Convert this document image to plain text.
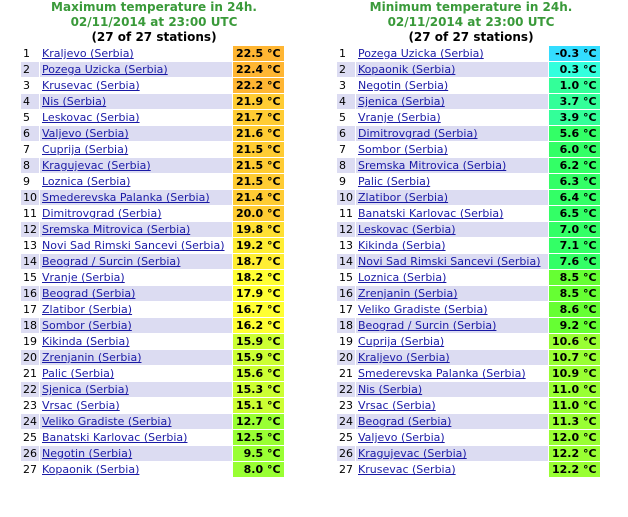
Maximum temperature in 24h.
02/11/2014 at 23:00 UTC
(27 of 27 stations)
1	Kraljevo (Serbia)	22.5 °C
2	Pozega Uzicka (Serbia)	22.4 °C
3	Krusevac (Serbia)	22.2 °C
4	Nis (Serbia)	21.9 °C
5	Leskovac (Serbia)	21.7 °C
6	Valjevo (Serbia)	21.6 °C
7	Cuprija (Serbia)	21.5 °C
8	Kragujevac (Serbia)	21.5 °C
9	Loznica (Serbia)	21.5 °C
10	Smederevska Palanka (Serbia)	21.4 °C
11	Dimitrovgrad (Serbia)	20.0 °C
12	Sremska Mitrovica (Serbia)	19.8 °C
13	Novi Sad Rimski Sancevi (Serbia)	19.2 °C
14	Beograd / Surcin (Serbia)	18.7 °C
15	Vranje (Serbia)	18.2 °C
16	Beograd (Serbia)	17.9 °C
17	Zlatibor (Serbia)	16.7 °C
18	Sombor (Serbia)	16.2 °C
19	Kikinda (Serbia)	15.9 °C
20	Zrenjanin (Serbia)	15.9 °C
21	Palic (Serbia)	15.6 °C
22	Sjenica (Serbia)	15.3 °C
23	Vrsac (Serbia)	15.1 °C
24	Veliko Gradiste (Serbia)	12.7 °C
25	Banatski Karlovac (Serbia)	12.5 °C
26	Negotin (Serbia)	9.5 °C
27	Kopaonik (Serbia)	8.0 °C
Minimum temperature in 24h.
02/11/2014 at 23:00 UTC
(27 of 27 stations)
1	Pozega Uzicka (Serbia)	-0.3 °C
2	Kopaonik (Serbia)	0.3 °C
3	Negotin (Serbia)	1.0 °C
4	Sjenica (Serbia)	3.7 °C
5	Vranje (Serbia)	3.9 °C
6	Dimitrovgrad (Serbia)	5.6 °C
7	Sombor (Serbia)	6.0 °C
8	Sremska Mitrovica (Serbia)	6.2 °C
9	Palic (Serbia)	6.3 °C
10	Zlatibor (Serbia)	6.4 °C
11	Banatski Karlovac (Serbia)	6.5 °C
12	Leskovac (Serbia)	7.0 °C
13	Kikinda (Serbia)	7.1 °C
14	Novi Sad Rimski Sancevi (Serbia)	7.6 °C
15	Loznica (Serbia)	8.5 °C
16	Zrenjanin (Serbia)	8.5 °C
17	Veliko Gradiste (Serbia)	8.6 °C
18	Beograd / Surcin (Serbia)	9.2 °C
19	Cuprija (Serbia)	10.6 °C
20	Kraljevo (Serbia)	10.7 °C
21	Smederevska Palanka (Serbia)	10.9 °C
22	Nis (Serbia)	11.0 °C
23	Vrsac (Serbia)	11.0 °C
24	Beograd (Serbia)	11.3 °C
25	Valjevo (Serbia)	12.0 °C
26	Kragujevac (Serbia)	12.2 °C
27	Krusevac (Serbia)	12.2 °C
